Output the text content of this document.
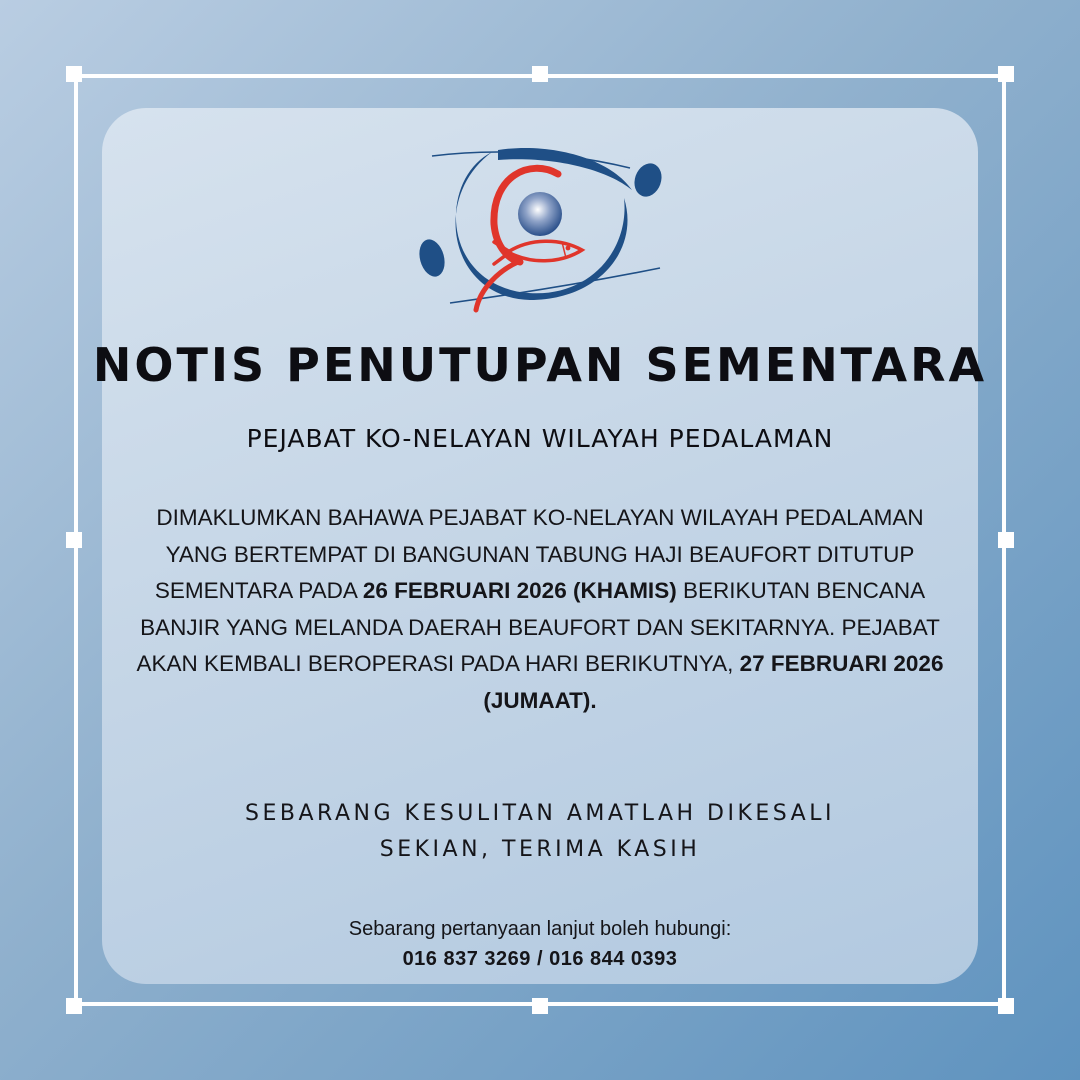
NOTIS PENUTUPAN SEMENTARA
PEJABAT KO-NELAYAN WILAYAH PEDALAMAN
DIMAKLUMKAN BAHAWA PEJABAT KO-NELAYAN WILAYAH PEDALAMAN YANG BERTEMPAT DI BANGUNAN TABUNG HAJI BEAUFORT DITUTUP SEMENTARA PADA 26 FEBRUARI 2026 (KHAMIS) BERIKUTAN BENCANA BANJIR YANG MELANDA DAERAH BEAUFORT DAN SEKITARNYA. PEJABAT AKAN KEMBALI BEROPERASI PADA HARI BERIKUTNYA, 27 FEBRUARI 2026 (JUMAAT).
SEBARANG KESULITAN AMATLAH DIKESALI
SEKIAN, TERIMA KASIH
Sebarang pertanyaan lanjut boleh hubungi:
016 837 3269 / 016 844 0393
